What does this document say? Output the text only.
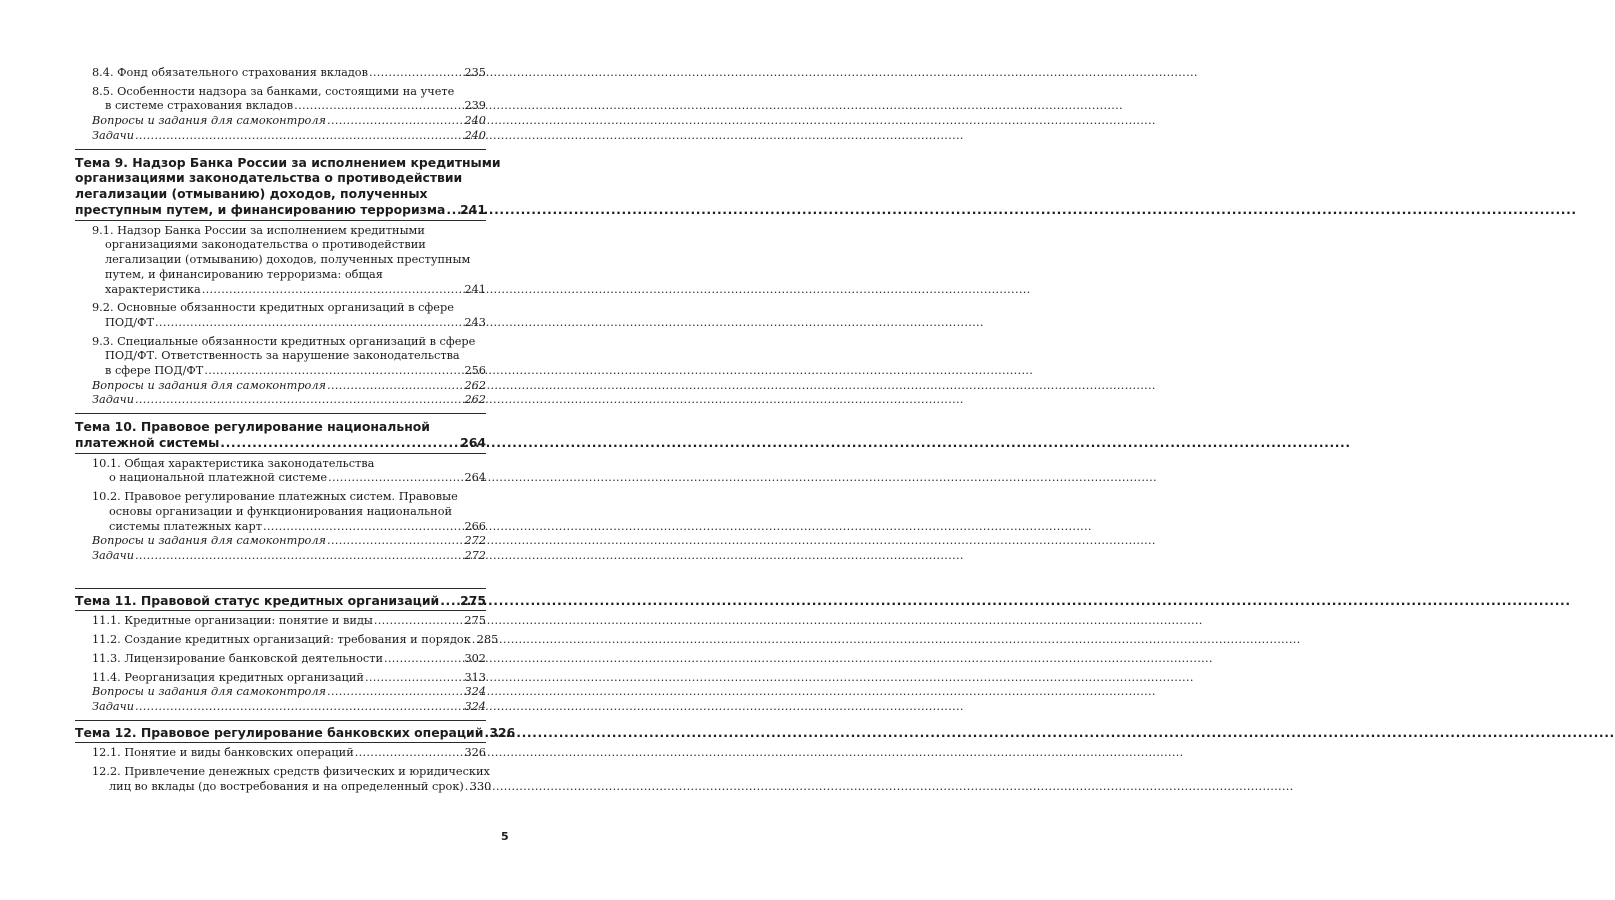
8.4. Фонд обязательного страхования вкладов .....	235
8.5. Особенности надзора за банками, состоящими на учете
в системе страхования вкладов .....	239
Вопросы и задания для самоконтроля .....	240
Задачи .....	240
Тема 9. Надзор Банка России за исполнением кредитными
организациями законодательства о противодействии
легализации (отмыванию) доходов, полученных
преступным путем, и финансированию терроризма ..... 241
9.1. Надзор Банка России за исполнением кредитными
организациями законодательства о противодействии
легализации (отмыванию) доходов, полученных преступным
путем, и финансированию терроризма: общая
характеристика .....	241
9.2. Основные обязанности кредитных организаций в сфере
ПОД/ФТ .....	243
9.3. Специальные обязанности кредитных организаций в сфере
ПОД/ФТ. Ответственность за нарушение законодательства
в сфере ПОД/ФТ .....	256
Вопросы и задания для самоконтроля .....	262
Задачи .....	262
Тема 10. Правовое регулирование национальной
платежной системы .....	264
10.1. Общая характеристика законодательства
о национальной платежной системе .....	264
10.2. Правовое регулирование платежных систем. Правовые
основы организации и функционирования национальной
системы платежных карт .....	266
Вопросы и задания для самоконтроля .....	272
Задачи .....	272
Тема 11. Правовой статус кредитных организаций ..... 275
11.1. Кредитные организации: понятие и виды .....	275
11.2. Создание кредитных организаций: требования и порядок ..... 285
11.3. Лицензирование банковской деятельности .....	302
11.4. Реорганизация кредитных организаций .....	313
Вопросы и задания для самоконтроля .....	324
Задачи .....	324
Тема 12. Правовое регулирование банковских операций ..... 326
12.1. Понятие и виды банковских операций .....	326
12.2. Привлечение денежных средств физических и юридических
лиц во вклады (до востребования и на определенный срок) ..... 330
5
